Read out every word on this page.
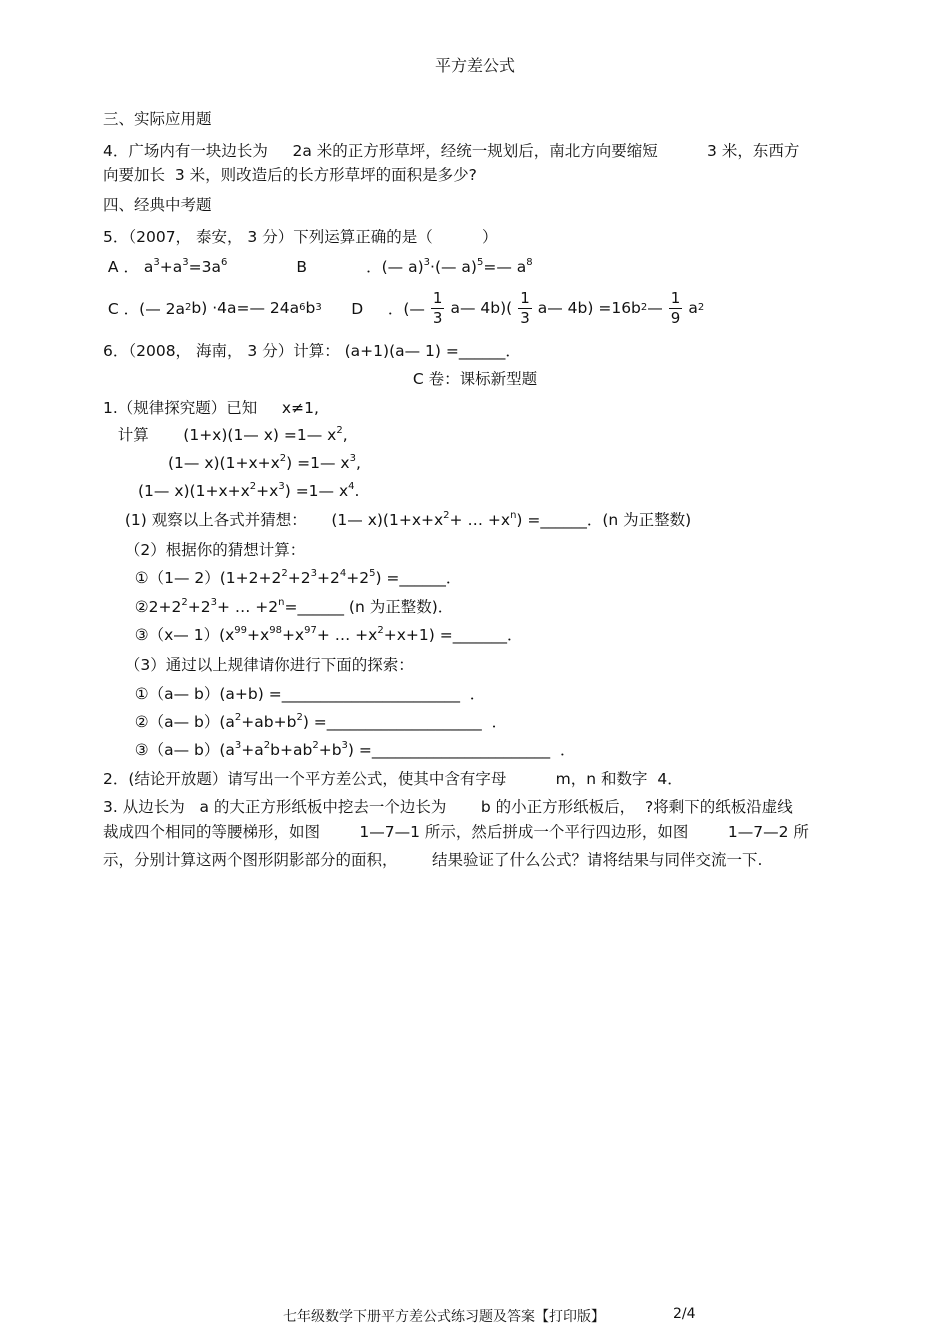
平方差公式
三、实际应用题
4．广场内有一块边长为     2a 米的正方形草坪，经统一规划后，南北方向要缩短          3 米，东西方
向要加长  3 米，则改造后的长方形草坪的面积是多少?
四、经典中考题
5．（2007， 泰安， 3 分）下列运算正确的是（          ）
A ． $a^3+a^3=3a^6$              B            ．(— a)$^3$·(— a)$^5$=— $a^8$
C ．(— 2a 2 b) ·4a=— 24a 6 b 3 D     ．(— $\frac{1}{3}$ a— $4b)( \frac{1}{3}$ a— 4b) =16b 2 — $\frac{1}{9}$ a 2
6．（2008， 海南， 3 分）计算： (a+1)(a— 1) =______．
C 卷：课标新型题
1.（规律探究题）已知     x≠1,
计算       (1+x)(1— x) =1— $x^2$,
(1— $x)(1+x+x^2)$ =1— $x^3$,
(1— $x)(1+x+x^2+x^3)$ =1— $x^4$.
(1) 观察以上各式并猜想：     (1— $x)(1+x+x^2+$ … $+x^n$) =______．(n 为正整数)
（2）根据你的猜想计算：
①（1— $2)(1+2+2^2+2^3+2^4+2^5)$ =______．
$②2+2^2+2^3+$ … $+2^n=\_\_\_\_\_\_$ (n 为正整数)．
③（x— $1)(x^{99}+x^{98}+x^{97}+$ … $+x^2+x+1$) =_______．
（3）通过以上规律请你进行下面的探索：
①（a— b）(a+b) =_______________________  ．
②（a— $b)(a^2+ab+b^2)$ =____________________  ．
③（a— $b)(a^3+a^2b+ab^2+b^3)$ =_______________________  ．
2．(结论开放题）请写出一个平方差公式，使其中含有字母          m，n 和数字  4．
3. 从边长为   a 的大正方形纸板中挖去一个边长为       b 的小正方形纸板后，  ?将剩下的纸板沿虚线
裁成四个相同的等腰梯形，如图        1—7—1 所示，然后拼成一个平行四边形，如图        1—7—2 所
示，分别计算这两个图形阴影部分的面积，       结果验证了什么公式？请将结果与同伴交流一下.
七年级数学下册平方差公式练习题及答案【打印版】	2/4
